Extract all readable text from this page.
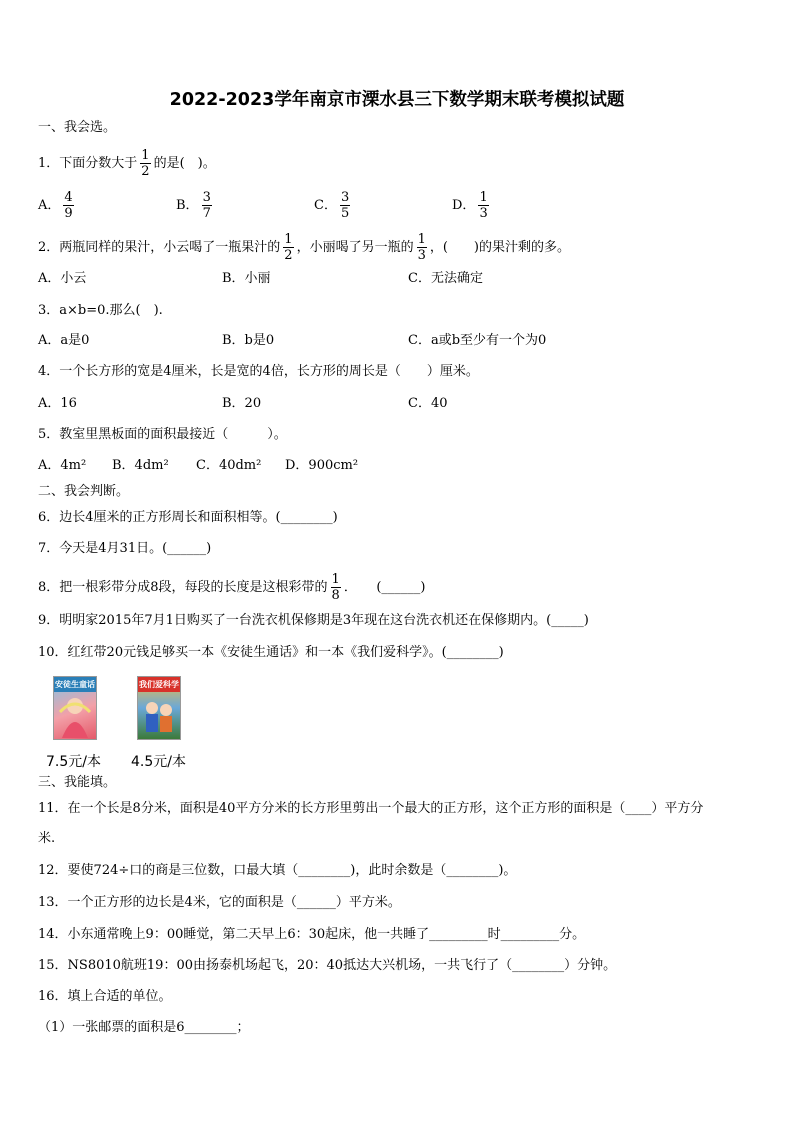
2022-2023学年南京市溧水县三下数学期末联考模拟试题
一、我会选。
1．下面分数大于 $\frac{1}{2}$ 的是(　)。
A． $\frac{4}{9}$	B． $\frac{3}{7}$	C． $\frac{3}{5}$	D． $\frac{1}{3}$
2．两瓶同样的果汁，小云喝了一瓶果汁的 $\frac{1}{2}$ ，小丽喝了另一瓶的 $\frac{1}{3}$ ，(　　)的果汁剩的多。
A．小云	B．小丽	C．无法确定
3．a×b=0.那么(　).
A．a是0	B．b是0	C．a或b至少有一个为0
4．一个长方形的宽是4厘米，长是宽的4倍，长方形的周长是（　　）厘米。
A．16	B．20	C．40
5．教室里黑板面的面积最接近（　　　）。
A．4m² B．4dm² C．40dm² D．900cm²
二、我会判断。
6．边长4厘米的正方形周长和面积相等。(________)
7．今天是4月31日。(______)
8．把一根彩带分成8段，每段的长度是这根彩带的 $\frac{1}{8}$ ．　　(______)
9．明明家2015年7月1日购买了一台洗衣机保修期是3年现在这台洗衣机还在保修期内。(_____)
10．红红带20元钱足够买一本《安徒生通话》和一本《我们爱科学》。(________)
安徒生童话	我们爱科学
7.5元/本 4.5元/本
三、我能填。
11．在一个长是8分米，面积是40平方分米的长方形里剪出一个最大的正方形，这个正方形的面积是（____）平方分
米.
12．要使724÷口的商是三位数，口最大填（________)，此时余数是（________)。
13．一个正方形的边长是4米，它的面积是（______）平方米。
14．小东通常晚上9：00睡觉，第二天早上6：30起床，他一共睡了_________时_________分。
15．NS8010航班19：00由扬泰机场起飞，20：40抵达大兴机场，一共飞行了（________）分钟。
16．填上合适的单位。
（1）一张邮票的面积是6________；
